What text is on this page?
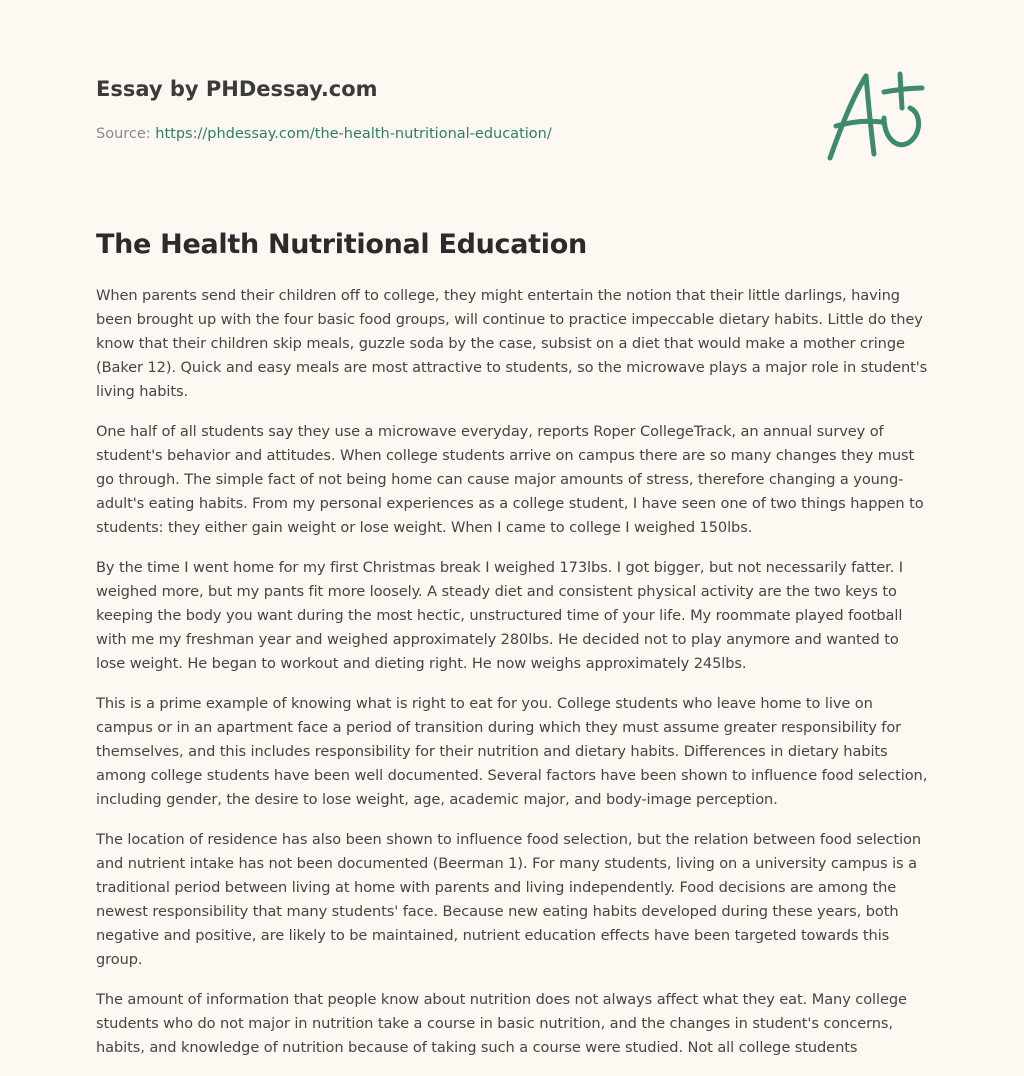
Essay by PHDessay.com
Source: https://phdessay.com/the-health-nutritional-education/
The Health Nutritional Education

When parents send their children off to college, they might entertain the notion that their little darlings, having been brought up with the four basic food groups, will continue to practice impeccable dietary habits. Little do they know that their children skip meals, guzzle soda by the case, subsist on a diet that would make a mother cringe (Baker 12). Quick and easy meals are most attractive to students, so the microwave plays a major role in student's living habits.

One half of all students say they use a microwave everyday, reports Roper CollegeTrack, an annual survey of student's behavior and attitudes. When college students arrive on campus there are so many changes they must go through. The simple fact of not being home can cause major amounts of stress, therefore changing a young-adult's eating habits. From my personal experiences as a college student, I have seen one of two things happen to students: they either gain weight or lose weight. When I came to college I weighed 150lbs.

By the time I went home for my first Christmas break I weighed 173lbs. I got bigger, but not necessarily fatter. I weighed more, but my pants fit more loosely. A steady diet and consistent physical activity are the two keys to keeping the body you want during the most hectic, unstructured time of your life. My roommate played football with me my freshman year and weighed approximately 280lbs. He decided not to play anymore and wanted to lose weight. He began to workout and dieting right. He now weighs approximately 245lbs.

This is a prime example of knowing what is right to eat for you. College students who leave home to live on campus or in an apartment face a period of transition during which they must assume greater responsibility for themselves, and this includes responsibility for their nutrition and dietary habits. Differences in dietary habits among college students have been well documented. Several factors have been shown to influence food selection, including gender, the desire to lose weight, age, academic major, and body-image perception.

The location of residence has also been shown to influence food selection, but the relation between food selection and nutrient intake has not been documented (Beerman 1). For many students, living on a university campus is a traditional period between living at home with parents and living independently. Food decisions are among the newest responsibility that many students' face. Because new eating habits developed during these years, both negative and positive, are likely to be maintained, nutrient education effects have been targeted towards this group.

The amount of information that people know about nutrition does not always affect what they eat. Many college students who do not major in nutrition take a course in basic nutrition, and the changes in student's concerns, habits, and knowledge of nutrition because of taking such a course were studied. Not all college students
